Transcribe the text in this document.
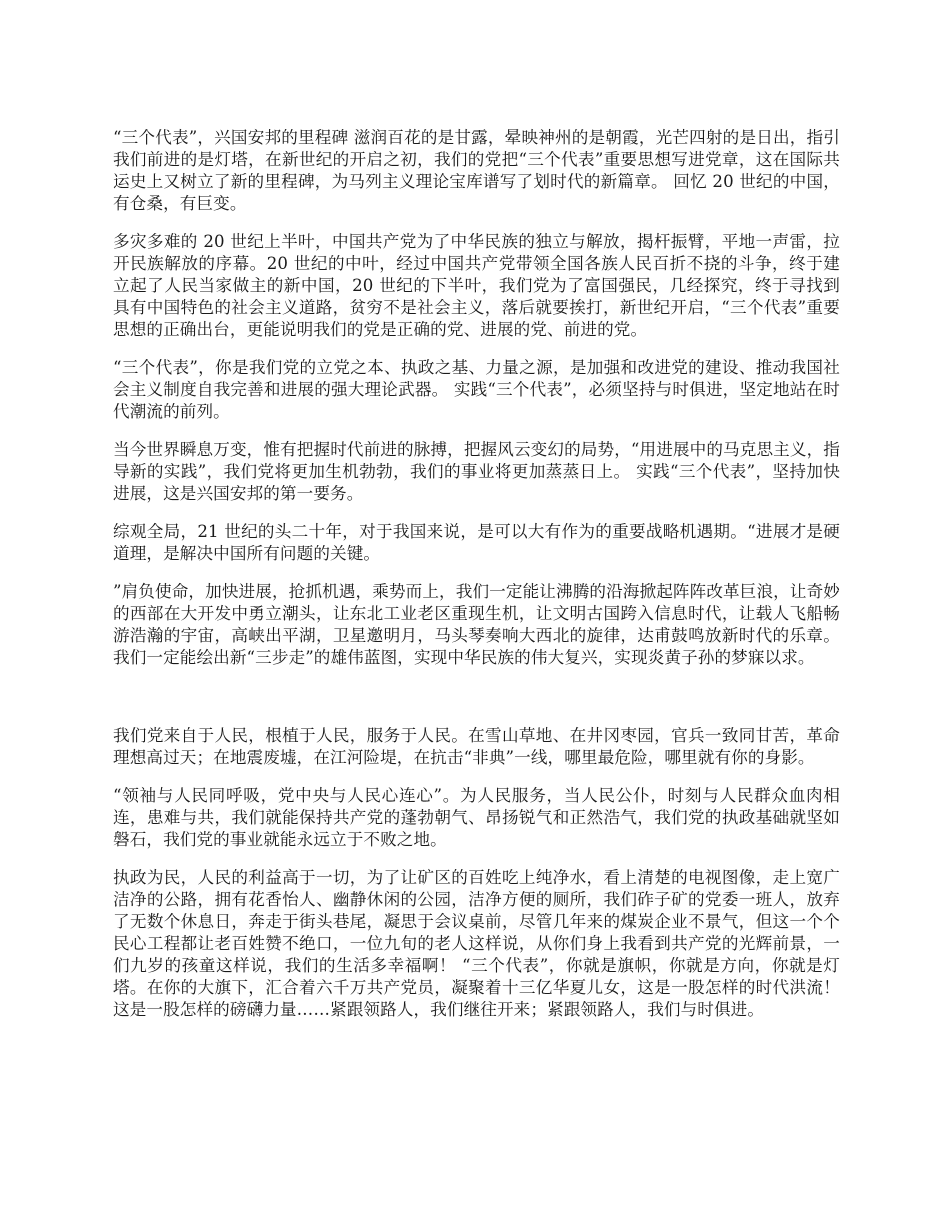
“三个代表”，兴国安邦的里程碑 滋润百花的是甘露，晕映神州的是朝霞，光芒四射的是日出，指引我们前进的是灯塔，在新世纪的开启之初，我们的党把“三个代表”重要思想写进党章，这在国际共运史上又树立了新的里程碑，为马列主义理论宝库谱写了划时代的新篇章。 回忆 20 世纪的中国，有仓桑，有巨变。

多灾多难的 20 世纪上半叶，中国共产党为了中华民族的独立与解放，揭杆振臂，平地一声雷，拉开民族解放的序幕。20 世纪的中叶，经过中国共产党带领全国各族人民百折不挠的斗争，终于建立起了人民当家做主的新中国，20 世纪的下半叶，我们党为了富国强民，几经探究，终于寻找到具有中国特色的社会主义道路，贫穷不是社会主义，落后就要挨打，新世纪开启，“三个代表”重要思想的正确出台，更能说明我们的党是正确的党、进展的党、前进的党。

“三个代表”，你是我们党的立党之本、执政之基、力量之源，是加强和改进党的建设、推动我国社会主义制度自我完善和进展的强大理论武器。 实践“三个代表”，必须坚持与时俱进，坚定地站在时代潮流的前列。

当今世界瞬息万变，惟有把握时代前进的脉搏，把握风云变幻的局势，“用进展中的马克思主义，指导新的实践”，我们党将更加生机勃勃，我们的事业将更加蒸蒸日上。 实践“三个代表”，坚持加快进展，这是兴国安邦的第一要务。

综观全局，21 世纪的头二十年，对于我国来说，是可以大有作为的重要战略机遇期。“进展才是硬道理，是解决中国所有问题的关键。

”肩负使命，加快进展，抢抓机遇，乘势而上，我们一定能让沸腾的沿海掀起阵阵改革巨浪，让奇妙的西部在大开发中勇立潮头，让东北工业老区重现生机，让文明古国跨入信息时代，让载人飞船畅游浩瀚的宇宙，高峡出平湖，卫星邀明月，马头琴奏响大西北的旋律，达甫鼓鸣放新时代的乐章。我们一定能绘出新“三步走”的雄伟蓝图，实现中华民族的伟大复兴，实现炎黄子孙的梦寐以求。

我们党来自于人民，根植于人民，服务于人民。在雪山草地、在井冈枣园，官兵一致同甘苦，革命理想高过天；在地震废墟，在江河险堤，在抗击“非典”一线，哪里最危险，哪里就有你的身影。

“领袖与人民同呼吸，党中央与人民心连心”。为人民服务，当人民公仆，时刻与人民群众血肉相连，患难与共，我们就能保持共产党的蓬勃朝气、昂扬锐气和正然浩气，我们党的执政基础就坚如磐石，我们党的事业就能永远立于不败之地。

执政为民，人民的利益高于一切，为了让矿区的百姓吃上纯净水，看上清楚的电视图像，走上宽广洁净的公路，拥有花香怡人、幽静休闲的公园，洁净方便的厕所，我们砟子矿的党委一班人，放弃了无数个休息日，奔走于街头巷尾，凝思于会议桌前，尽管几年来的煤炭企业不景气，但这一个个民心工程都让老百姓赞不绝口，一位九旬的老人这样说，从你们身上我看到共产党的光辉前景，一们九岁的孩童这样说，我们的生活多幸福啊！ “三个代表”，你就是旗帜，你就是方向，你就是灯塔。在你的大旗下，汇合着六千万共产党员，凝聚着十三亿华夏儿女，这是一股怎样的时代洪流！这是一股怎样的磅礴力量……紧跟领路人，我们继往开来；紧跟领路人，我们与时俱进。
